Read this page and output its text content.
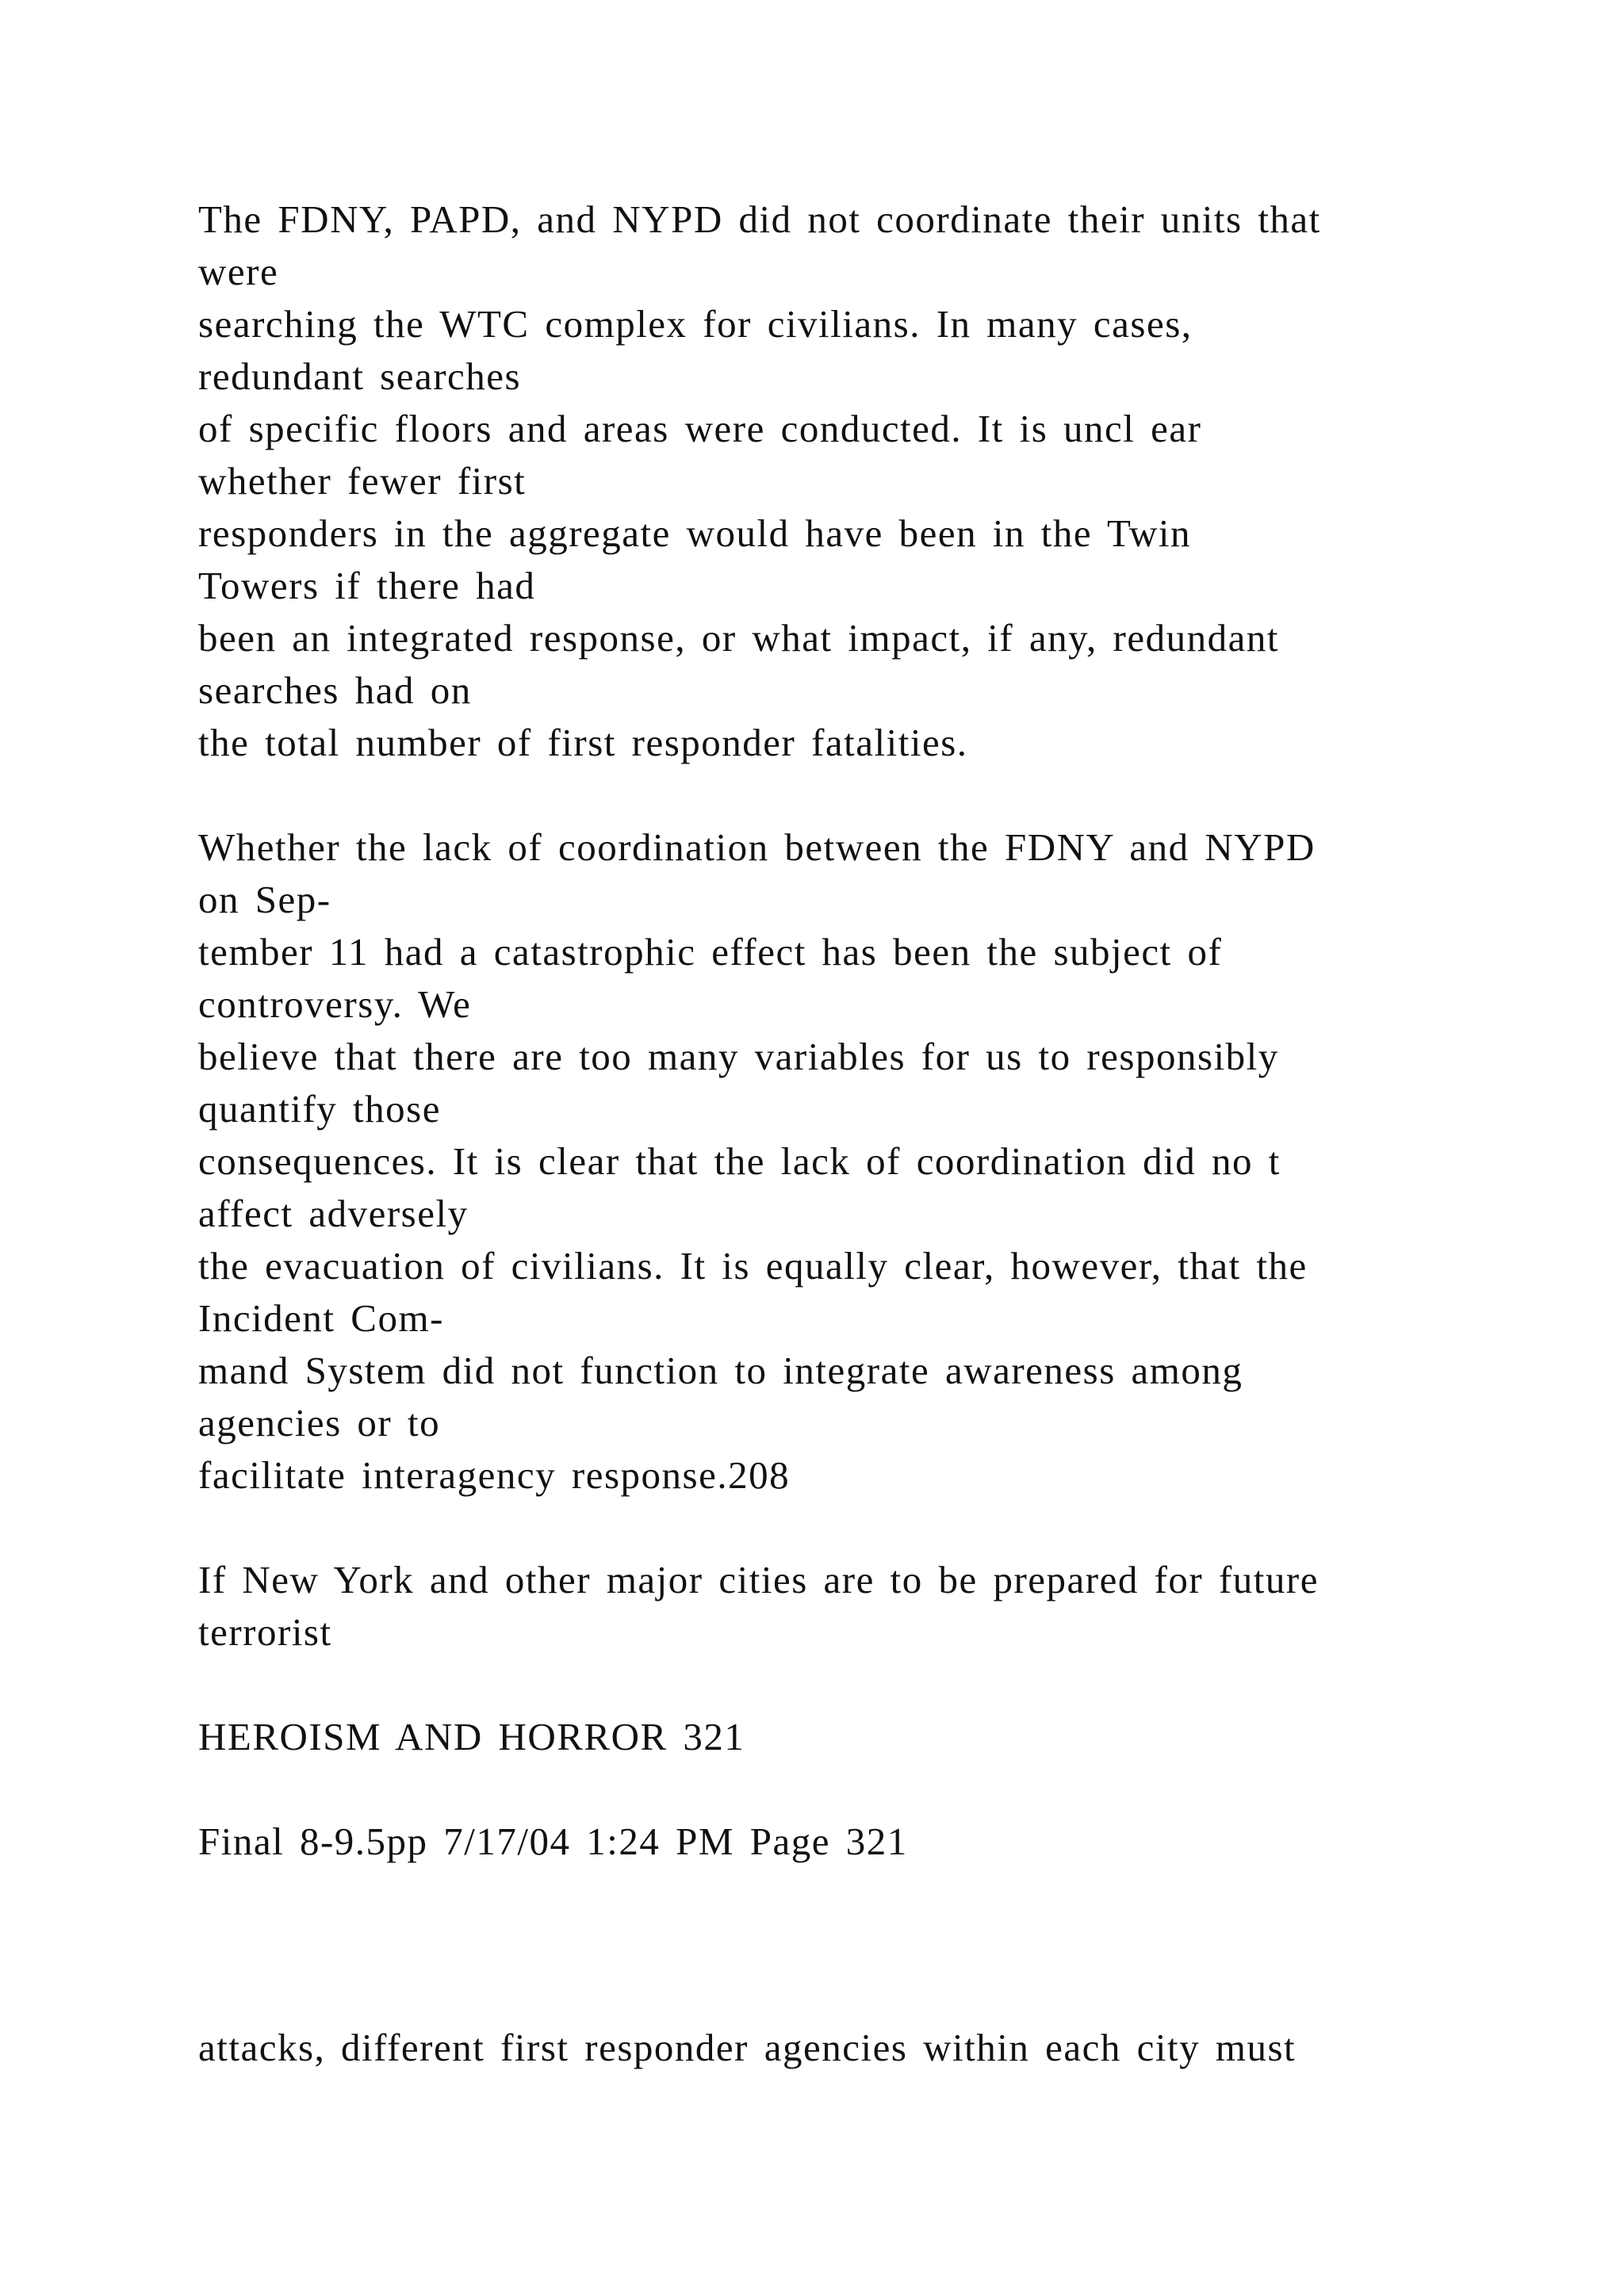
The FDNY, PAPD, and NYPD did not coordinate their units that
were
searching the WTC complex for civilians. In many cases,
redundant searches
of specific floors and areas were conducted. It is uncl ear
whether fewer first
responders in the aggregate would have been in the Twin
Towers if there had
been an integrated response, or what impact, if any, redundant
searches had on
the total number of first responder fatalities.
Whether the lack of coordination between the FDNY and NYPD
on Sep-
tember 11 had a catastrophic effect has been the subject of
controversy. We
believe that there are too many variables for us to responsibly
quantify those
consequences. It is clear that the lack of coordination did no t
affect adversely
the evacuation of civilians. It is equally clear, however, that the
Incident Com-
mand System did not function to integrate awareness among
agencies or to
facilitate interagency response.208
If New York and other major cities are to be prepared for future
terrorist
HEROISM AND HORROR 321
Final 8-9.5pp 7/17/04 1:24 PM Page 321
attacks, different first responder agencies within each city must
